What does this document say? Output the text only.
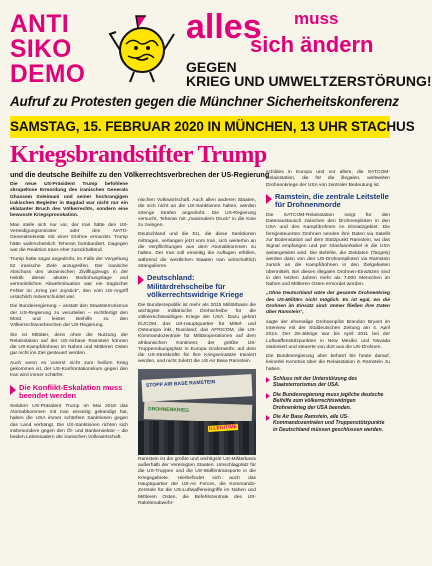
ANTI
SIKO
DEMO
alles muss
sich ändern
GEGEN
KRIEG UND UMWELTZERSTÖRUNG!
Aufruf zu Protesten gegen die Münchner Sicherheitskonferenz
SAMSTAG, 15. FEBRUAR 2020 IN MÜNCHEN, 13 UHR STACHUS
Kriegsbrandstifter Trump
und die deutsche Beihilfe zu den Völkerrechtsverbrechen der US-Regierung

Die neue US-Präsident Trump befohlene skrupellose Ermordung des iranischen Generals Ghassem Soleimani und seiner hochrangigen irakischen Begleiter in Bagdad war nicht nur ein eklatanter Bruch des Völkerrechts, sondern eine bewusste Kriegsprovokation.

Man stelle sich nur vor, der Iran hätte den US-Verteidigungsminister oder den NATO-Generalsekretär mit einer Drohne ermordet. Trump hätte wahrscheinlich Teheran bombardiert. Dagegen war die Reaktion Irans eher zurückhaltend.

Trump hatte sogar angedroht, im Falle der Vergeltung 52 iranische Ziele anzugreifen. Der iranische Abschuss des ukrainischen Zivilflugzeugs in der Hektik dieser akuten Bedrohungslage und vermeintlichen Abwehrsituation war ein tragischer Fehler im „Krieg per Joystick“, den vom US-Angriff ursächlich mitverschuldet war.

Die Bundesregierung – anstatt den Staatsterrorismus der US-Regierung zu verurteilen – rechtfertigt den Mord und leistet Beihilfe zu den Völkerrechtsverbrechen der US-Regierung.

Sie ist Mittäter, denn ohne die Nutzung der Relaisstation auf der US-Airbase Ramstein können die US-Kampfdrohnen im Nahen und Mittleren Osten gar nicht ins Ziel gesteuert werden.

Auch wenn es vorerst nicht zum heißen Krieg gekommen ist, der US-Konfrontationskurs gegen den Iran wird immer schärfer.

Die Konflikt-Eskalation muss beendet werden

Seitdem US-Präsident Trump im Mai 2018 das Atomabkommen mit Iran einseitig gekündigt hat, haben die USA immer schärfere Sanktionen gegen das Land verhängt. Die US-Sanktionen richten sich insbesondere gegen den Öl- und Bankensektor – die beiden Lebensadern der iranischen Volkswirtschaft.

nischen Volkswirtschaft. Auch allen anderen Staaten, die sich nicht an die US-Sanktionen halten, werden strenge Strafen angedroht. Die US-Regierung versucht, Teheran mit „maximalem Druck“ in die Knie zu zwingen.

Deutschland und die EU, die diese Sanktionen mittragen, verlangen jetzt vom Iran, sich weiterhin an die Verpflichtungen aus dem Atomabkommen zu halten. Der Iran soll einseitig die Auflagen erfüllen, während die westlichen Staaten Iran wirtschaftlich strangulieren.

Deutschland: Militärdrehscheibe für völkerrechtswidrige Kriege

Die Bundesrepublik ist mehr als 2015 Militärbasis die wichtigste militärische Drehscheibe für die völkerrechtswidrigen Kriege der USA. Dazu gehört EUCOM, das US-Hauptquartier für Mittel- und Osteuropa inkl. Russland; das AFRICOM, die US-Kommandozentrale für Militäroperationen auf dem afrikanischen Kontinent; der größte US-Truppenübungsplatz in Europa Grafenwöhr, auf dem die US-Streitkräfte für ihre Kriegseinsätze trainiert werden, und nicht zuletzt die US Air Base Ramstein.

STOPP AIR BASE RAMSTEIN
DROHNENKRIEG
ILLEGITIME

Ramstein ist die größte und wichtigste US-Militärbasis außerhalb der Vereinigten Staaten. Umschlagplatz für die US-Truppen und die US-Waffentransporte in die Kriegsgebiete. Hierbefindet sich auch das Hauptquartier der US-Air Forces, die Kommando-Zentrale für die US-Luftwaffeneingriffe im Nahen und Mittleren Osten, die Befehlszentrale des US-Raketenabwehr-

schildes in Europa und vor allem, die SATCOM-Relaisstation, die für die illegalen, weltweiten Drohnenkriege der USA von zentraler Bedeutung ist.

Ramstein, die zentrale Leitstelle für Drohnenmorde

Die SATCOM-Relaisstation sorgt für den Datenaustausch zwischen den Drohnenpiloten in den USA und den Kampfdrohnen im Einsatzgebiet. Die ferngesteuerten Drohnen senden ihre Daten via Satellit zur Bodenstation auf dem Stützpunkt Ramstein, wo das Signal empfangen und per Glasfaserkabel in die USA weitergeleitet wird. Die Befehle, die Zieldaten (Targets) werden dann von den US-Drohnenpiloten via Ramstein zurück an die Kampfdrohnen in den Zielgebieten übermittelt. Bei diesen illegalen Drohnen-Einsätzen sind in den letzten Jahren mehr als 7.000 Menschen im Nahen und Mittleren Osten ermordet worden.

„Ohne Deutschland wäre der gesamte Drohnenkrieg des US-Militärs nicht möglich. Es ist egal, wo die Drohnen im Einsatz sind: Immer fließen ihre Daten über Ramstein“,

sagte der ehemalige Drohnenpilot Brandon Bryant im Interview mit der Süddeutschen Zeitung am 4. April 2014. Der 28-Jährige war bis April 2011 bei der Luftwaffenstützpunkten in New Mexiko und Nevada stationiert und steuerte von dort aus die US-Drohnen.

Die Bundesregierung aber beharrt bis heute darauf, keinerlei Kenntnis über die Relaisstation in Ramstein zu haben.

Schluss mit der Unterstützung des Staatsterrorismus der USA.
Die Bundesregierung muss jegliche deutsche Beihilfe zum völkerrechtswidrigen Drohnenkrieg der USA beenden.
Die Air Base Ramstein, alle US-Kommandozentralen und Truppenstützpunkte in Deutschland müssen geschlossen werden.
